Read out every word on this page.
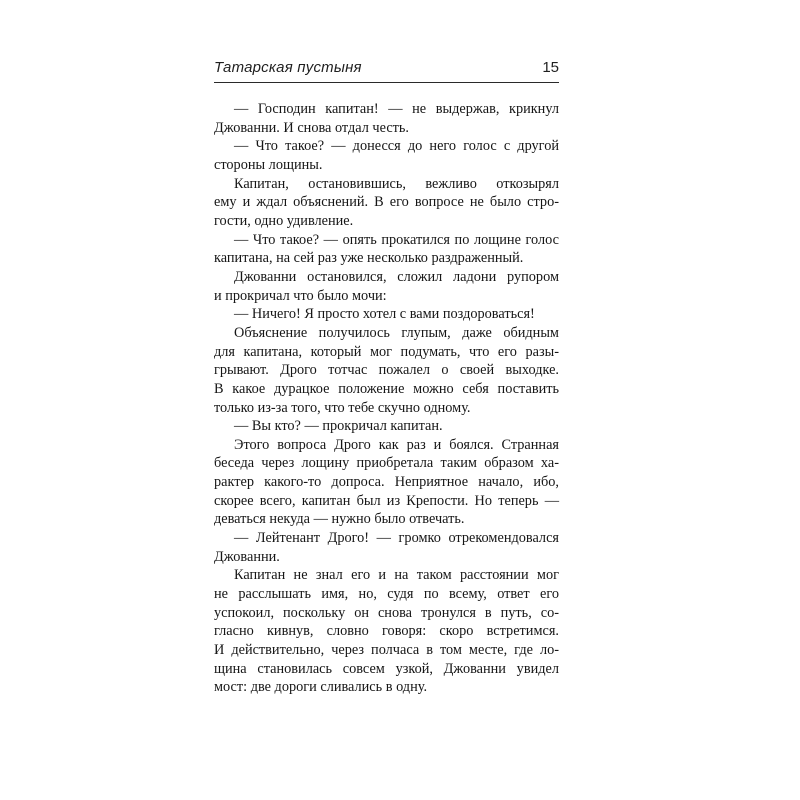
Татарская пустыня	15
— Господин капитан! — не выдержав, крикнул
Джованни. И снова отдал честь.
— Что такое? — донесся до него голос с другой
стороны лощины.
Капитан, остановившись, вежливо откозырял
ему и ждал объяснений. В его вопросе не было стро-
гости, одно удивление.
— Что такое? — опять прокатился по лощине голос
капитана, на сей раз уже несколько раздраженный.
Джованни остановился, сложил ладони рупором
и прокричал что было мочи:
— Ничего! Я просто хотел с вами поздороваться!
Объяснение получилось глупым, даже обидным
для капитана, который мог подумать, что его разы-
грывают. Дрого тотчас пожалел о своей выходке.
В какое дурацкое положение можно себя поставить
только из-за того, что тебе скучно одному.
— Вы кто? — прокричал капитан.
Этого вопроса Дрого как раз и боялся. Странная
беседа через лощину приобретала таким образом ха-
рактер какого-то допроса. Неприятное начало, ибо,
скорее всего, капитан был из Крепости. Но теперь —
деваться некуда — нужно было отвечать.
— Лейтенант Дрого! — громко отрекомендовался
Джованни.
Капитан не знал его и на таком расстоянии мог
не расслышать имя, но, судя по всему, ответ его
успокоил, поскольку он снова тронулся в путь, со-
гласно кивнув, словно говоря: скоро встретимся.
И действительно, через полчаса в том месте, где ло-
щина становилась совсем узкой, Джованни увидел
мост: две дороги сливались в одну.
